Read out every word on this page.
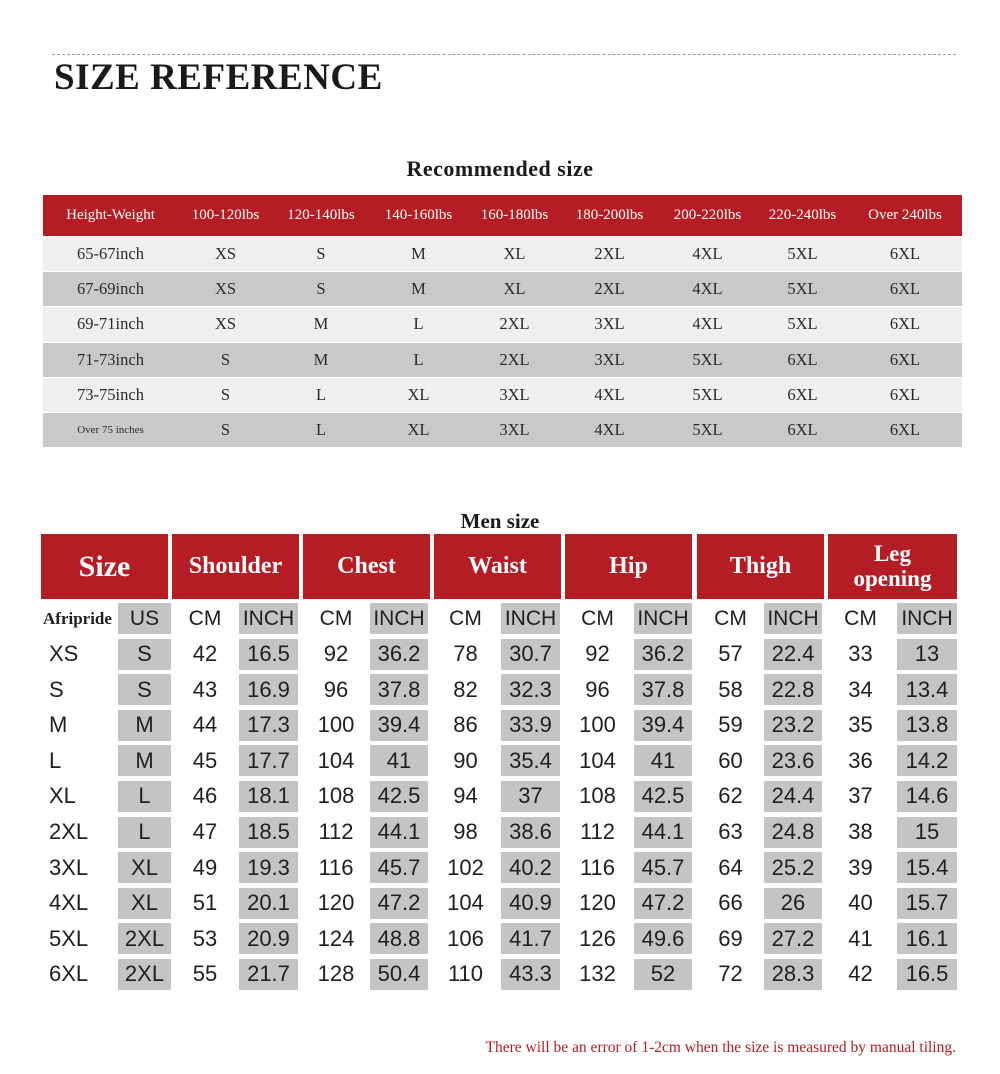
SIZE REFERENCE
Recommended size
Height-Weight	100-120lbs	120-140lbs	140-160lbs	160-180lbs	180-200lbs	200-220lbs	220-240lbs	Over 240lbs
65-67inch	XS	S	M	XL	2XL	4XL	5XL	6XL
67-69inch	XS	S	M	XL	2XL	4XL	5XL	6XL
69-71inch	XS	M	L	2XL	3XL	4XL	5XL	6XL
71-73inch	S	M	L	2XL	3XL	5XL	6XL	6XL
73-75inch	S	L	XL	3XL	4XL	5XL	6XL	6XL
Over 75 inches	S	L	XL	3XL	4XL	5XL	6XL	6XL
Men size
Size	Shoulder	Chest	Waist	Hip	Thigh	Leg opening
Afripride US	CM	INCH	CM	INCH	CM	INCH	CM	INCH	CM INCH	CM	INCH
XS	S	42	16.5	92	36.2	78	30.7	92	36.2	57	22.4	33	13
S	S	43	16.9	96	37.8	82	32.3	96	37.8	58	22.8	34	13.4
M	M	44	17.3	100	39.4	86	33.9	100	39.4	59	23.2	35	13.8
L	M	45	17.7	104	41	90	35.4	104	41	60	23.6	36	14.2
XL	L	46	18.1	108	42.5	94	37	108	42.5	62	24.4	37	14.6
2XL	L	47	18.5	112	44.1	98	38.6	112	44.1	63	24.8	38	15
3XL	XL	49	19.3	116	45.7	102	40.2	116	45.7	64	25.2	39	15.4
4XL	XL	51	20.1	120	47.2	104	40.9	120	47.2	66	26	40	15.7
5XL	2XL	53	20.9	124	48.8	106	41.7	126	49.6	69	27.2	41	16.1
6XL	2XL	55	21.7	128	50.4	110	43.3	132	52	72	28.3	42	16.5
There will be an error of 1-2cm when the size is measured by manual tiling.
